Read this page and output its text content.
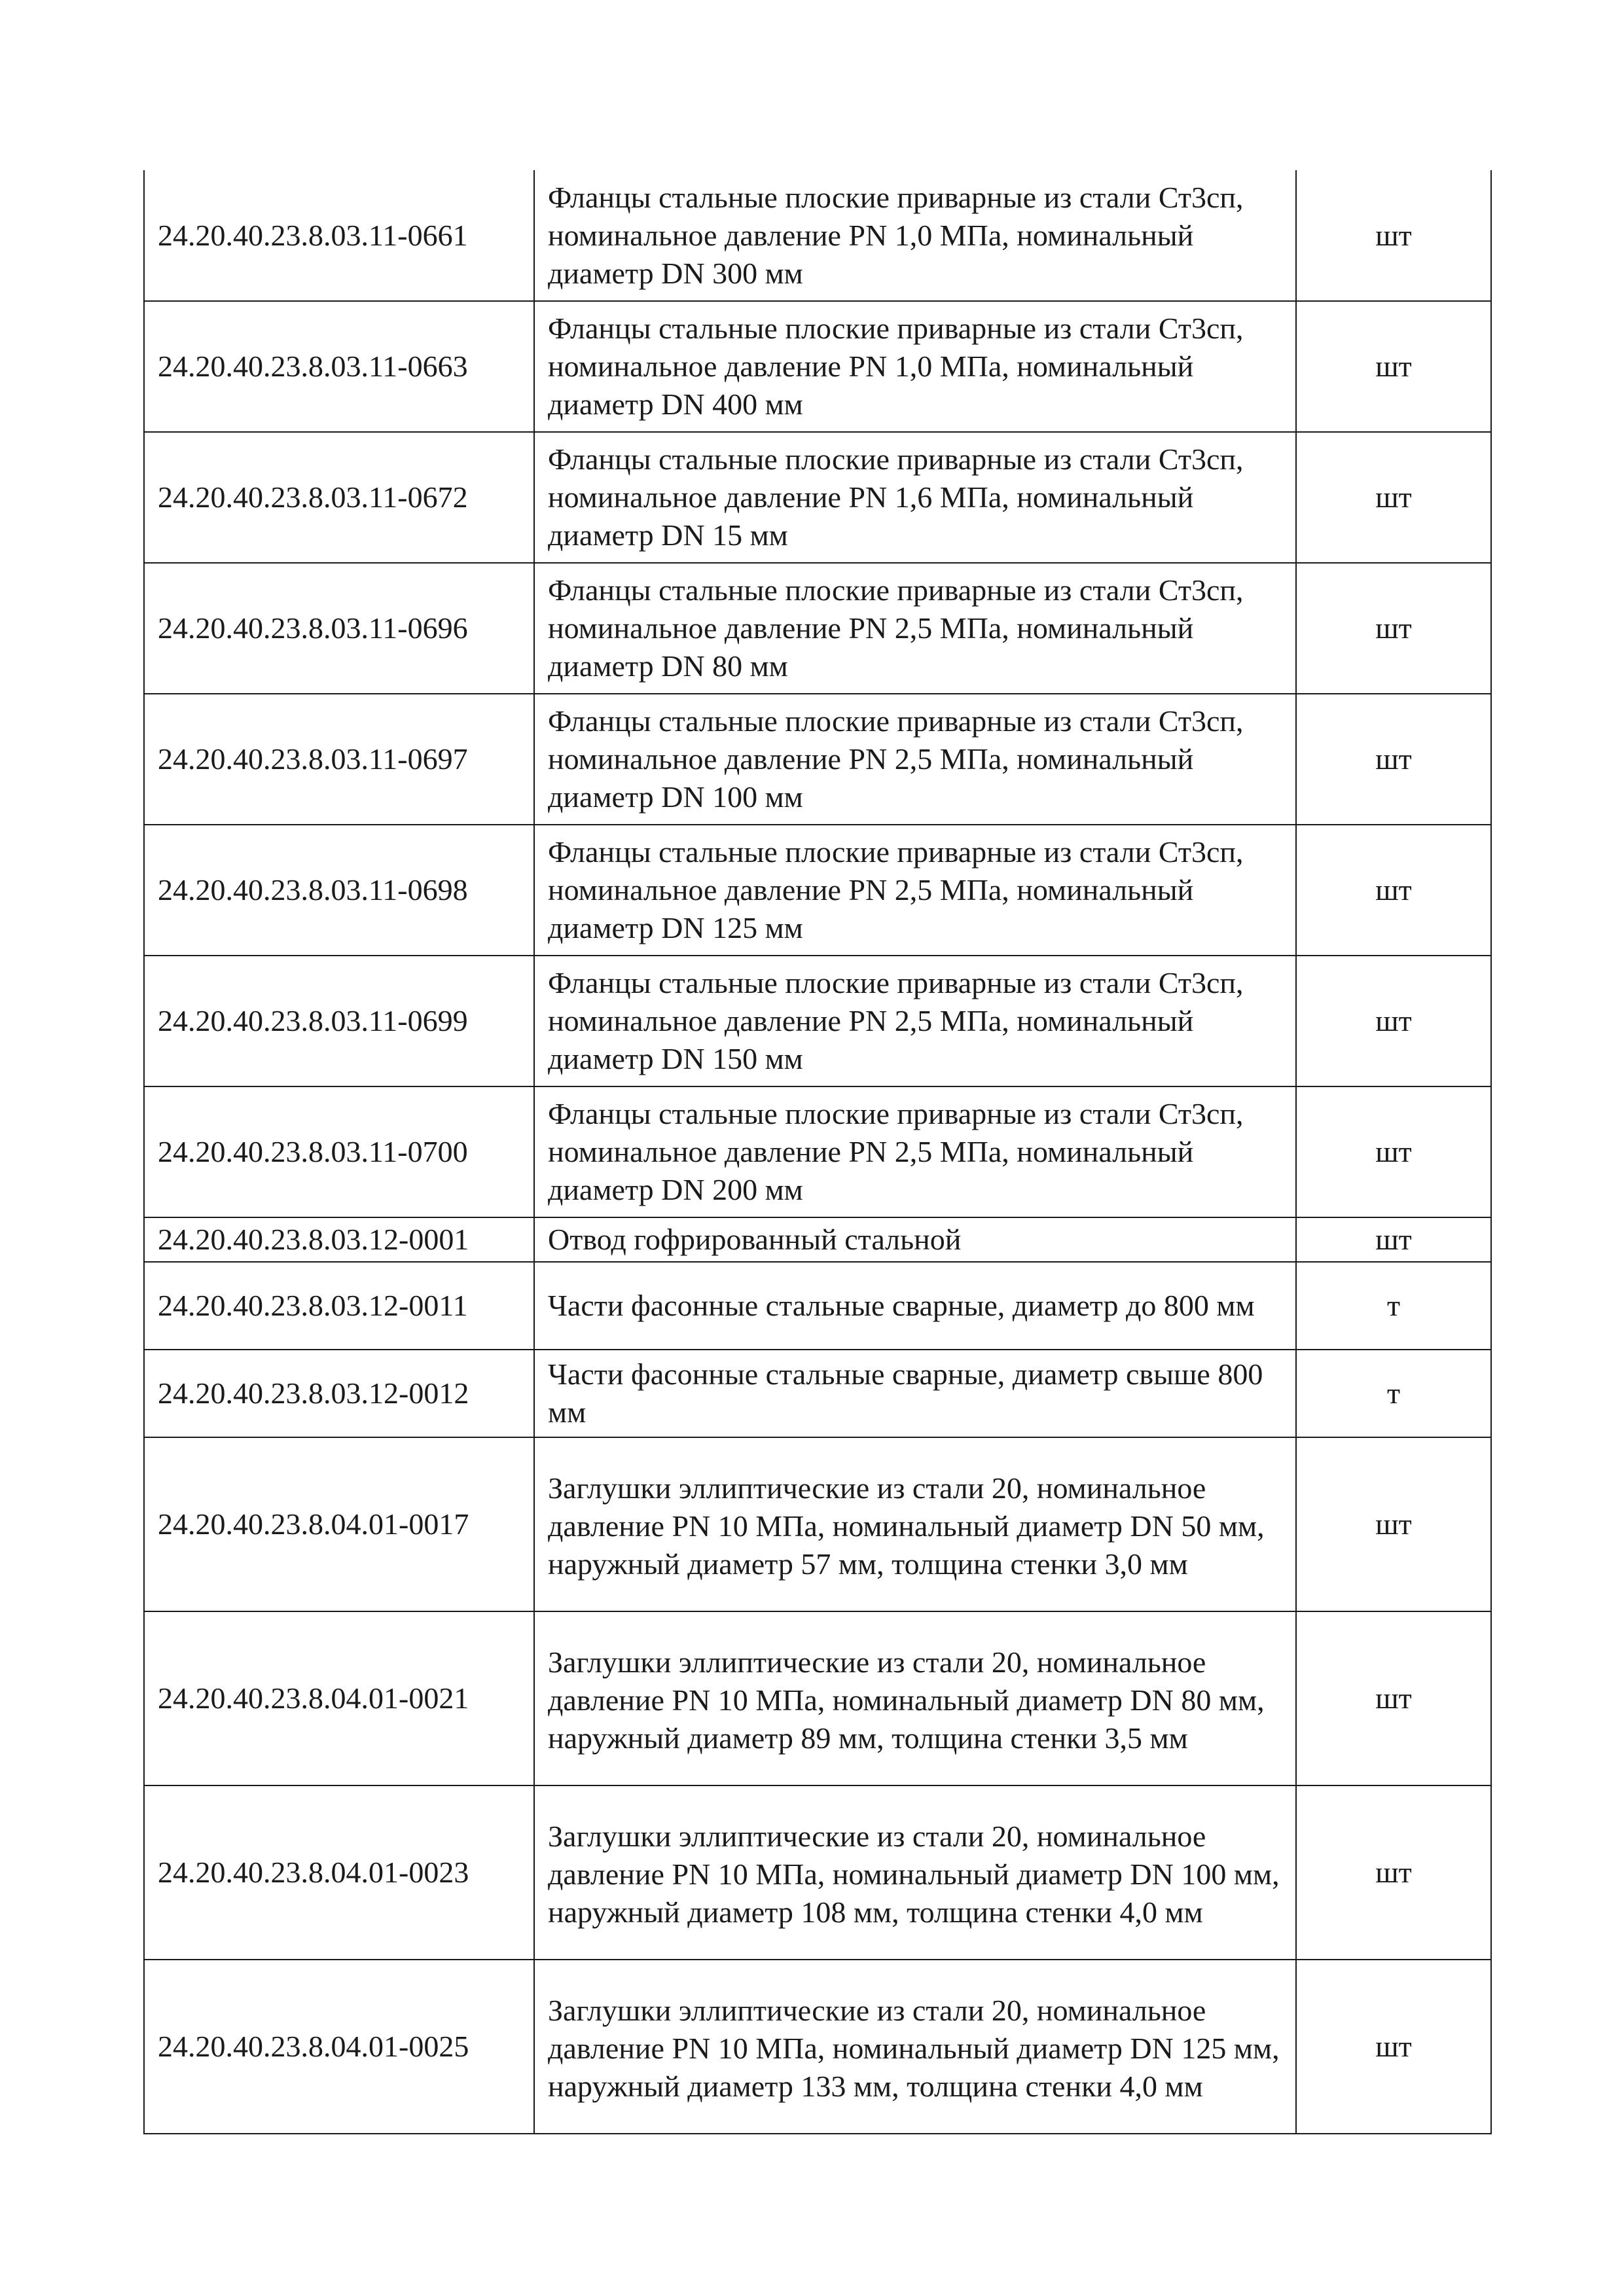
24.20.40.23.8.03.11-0661	Фланцы стальные плоские приварные из стали Ст3сп, номинальное давление PN 1,0 МПа, номинальный диаметр DN 300 мм	шт
24.20.40.23.8.03.11-0663	Фланцы стальные плоские приварные из стали Ст3сп, номинальное давление PN 1,0 МПа, номинальный диаметр DN 400 мм	шт
24.20.40.23.8.03.11-0672	Фланцы стальные плоские приварные из стали Ст3сп, номинальное давление PN 1,6 МПа, номинальный диаметр DN 15 мм	шт
24.20.40.23.8.03.11-0696	Фланцы стальные плоские приварные из стали Ст3сп, номинальное давление PN 2,5 МПа, номинальный диаметр DN 80 мм	шт
24.20.40.23.8.03.11-0697	Фланцы стальные плоские приварные из стали Ст3сп, номинальное давление PN 2,5 МПа, номинальный диаметр DN 100 мм	шт
24.20.40.23.8.03.11-0698	Фланцы стальные плоские приварные из стали Ст3сп, номинальное давление PN 2,5 МПа, номинальный диаметр DN 125 мм	шт
24.20.40.23.8.03.11-0699	Фланцы стальные плоские приварные из стали Ст3сп, номинальное давление PN 2,5 МПа, номинальный диаметр DN 150 мм	шт
24.20.40.23.8.03.11-0700	Фланцы стальные плоские приварные из стали Ст3сп, номинальное давление PN 2,5 МПа, номинальный диаметр DN 200 мм	шт
24.20.40.23.8.03.12-0001	Отвод гофрированный стальной	шт
24.20.40.23.8.03.12-0011	Части фасонные стальные сварные, диаметр до 800 мм	т
24.20.40.23.8.03.12-0012	Части фасонные стальные сварные, диаметр свыше 800 мм	т
24.20.40.23.8.04.01-0017	Заглушки эллиптические из стали 20, номинальное давление PN 10 МПа, номинальный диаметр DN 50 мм, наружный диаметр 57 мм, толщина стенки 3,0 мм	шт
24.20.40.23.8.04.01-0021	Заглушки эллиптические из стали 20, номинальное давление PN 10 МПа, номинальный диаметр DN 80 мм, наружный диаметр 89 мм, толщина стенки 3,5 мм	шт
24.20.40.23.8.04.01-0023	Заглушки эллиптические из стали 20, номинальное давление PN 10 МПа, номинальный диаметр DN 100 мм, наружный диаметр 108 мм, толщина стенки 4,0 мм	шт
24.20.40.23.8.04.01-0025	Заглушки эллиптические из стали 20, номинальное давление PN 10 МПа, номинальный диаметр DN 125 мм, наружный диаметр 133 мм, толщина стенки 4,0 мм	шт
